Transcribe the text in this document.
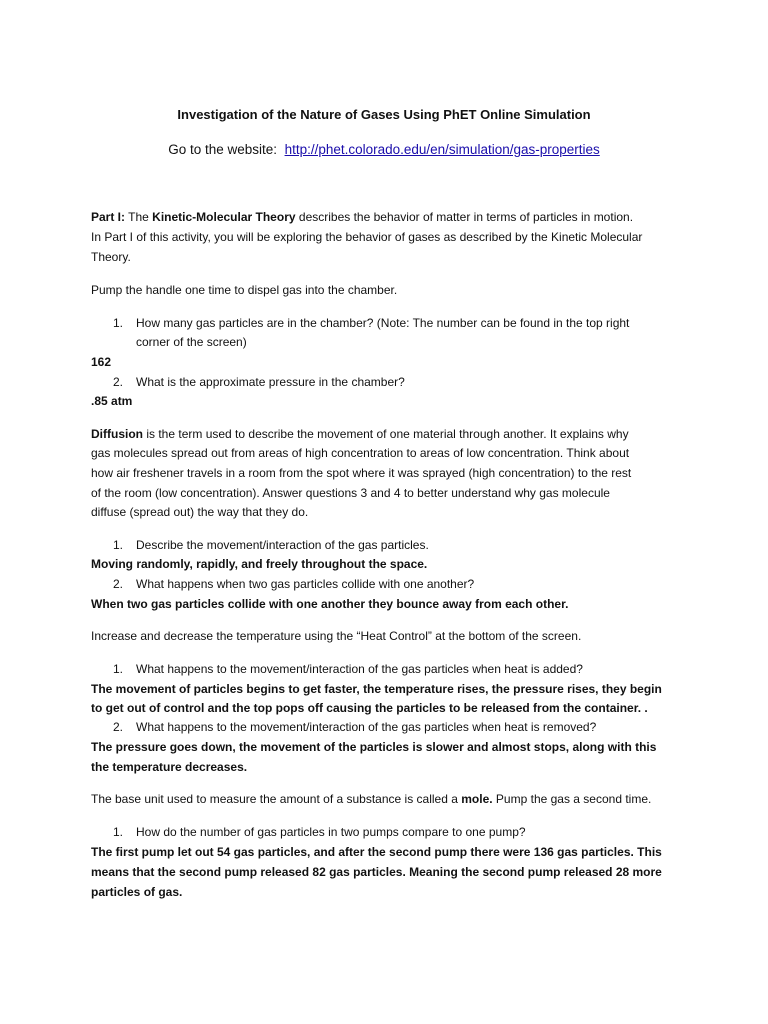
Investigation of the Nature of Gases Using PhET Online Simulation
Go to the website: http://phet.colorado.edu/en/simulation/gas-properties
Part I: The Kinetic-Molecular Theory describes the behavior of matter in terms of particles in motion.
In Part I of this activity, you will be exploring the behavior of gases as described by the Kinetic Molecular
Theory.
Pump the handle one time to dispel gas into the chamber.
1. How many gas particles are in the chamber? (Note: The number can be found in the top right
corner of the screen)
162
2. What is the approximate pressure in the chamber?
.85 atm
Diffusion is the term used to describe the movement of one material through another. It explains why
gas molecules spread out from areas of high concentration to areas of low concentration. Think about
how air freshener travels in a room from the spot where it was sprayed (high concentration) to the rest
of the room (low concentration). Answer questions 3 and 4 to better understand why gas molecule
diffuse (spread out) the way that they do.
1. Describe the movement/interaction of the gas particles.
Moving randomly, rapidly, and freely throughout the space.
2. What happens when two gas particles collide with one another?
When two gas particles collide with one another they bounce away from each other.
Increase and decrease the temperature using the “Heat Control” at the bottom of the screen.
1. What happens to the movement/interaction of the gas particles when heat is added?
The movement of particles begins to get faster, the temperature rises, the pressure rises, they begin
to get out of control and the top pops off causing the particles to be released from the container. .
2. What happens to the movement/interaction of the gas particles when heat is removed?
The pressure goes down, the movement of the particles is slower and almost stops, along with this
the temperature decreases.
The base unit used to measure the amount of a substance is called a mole. Pump the gas a second time.
1. How do the number of gas particles in two pumps compare to one pump?
The first pump let out 54 gas particles, and after the second pump there were 136 gas particles. This
means that the second pump released 82 gas particles. Meaning the second pump released 28 more
particles of gas.
